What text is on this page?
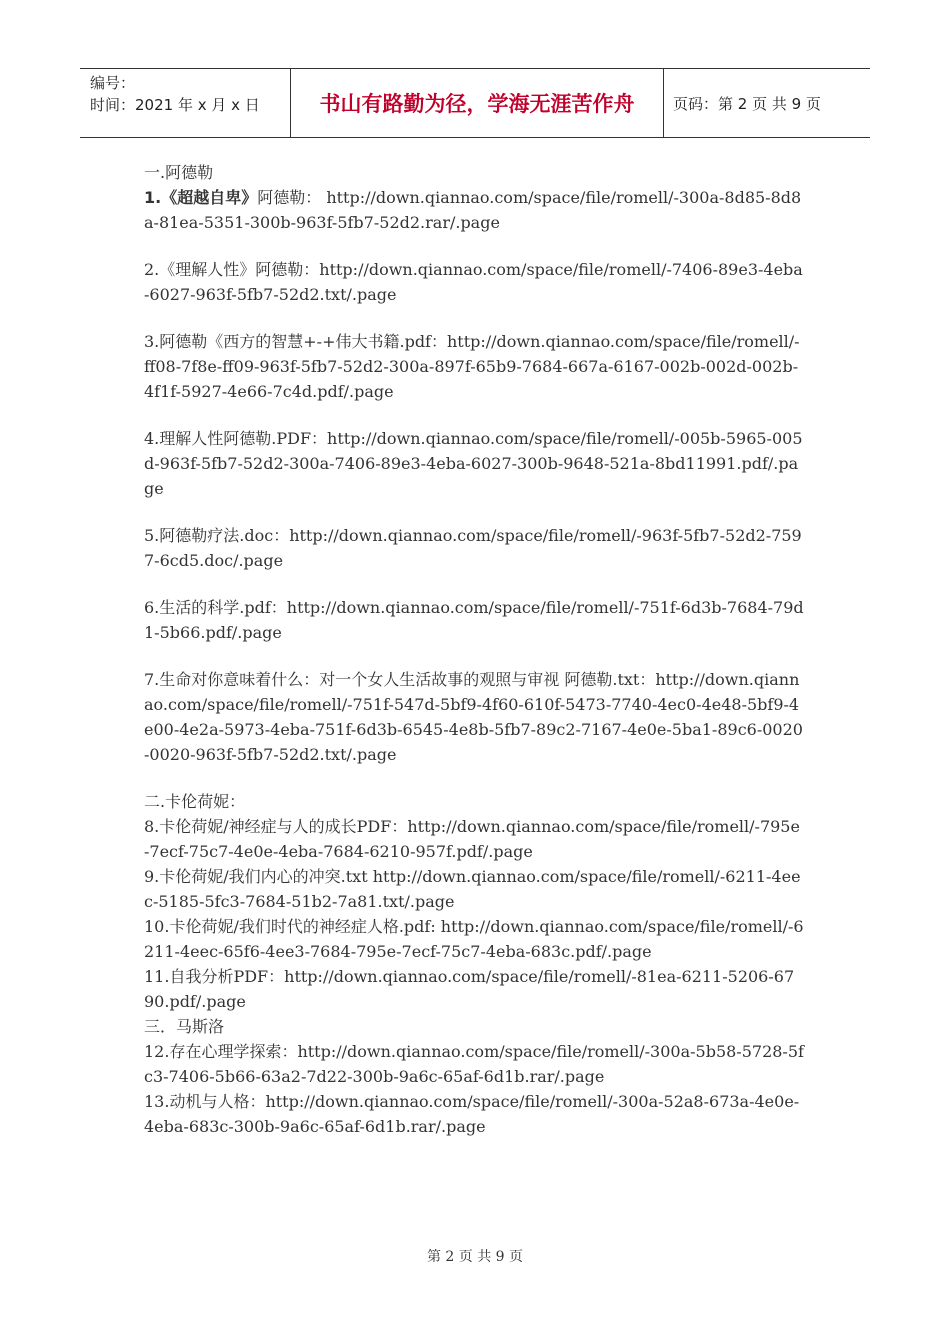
编号：
时间：2021 年 x 月 x 日	书山有路勤为径，学海无涯苦作舟	页码：第 2 页 共 9 页

一.阿德勒

1.《超越自卑》阿德勒： http://down.qiannao.com/space/file/romell/-300a-8d85-8d8a-81ea-5351-300b-963f-5fb7-52d2.rar/.page

2.《理解人性》阿德勒：http://down.qiannao.com/space/file/romell/-7406-89e3-4eba-6027-963f-5fb7-52d2.txt/.page

3.阿德勒《西方的智慧+-+伟大书籍.pdf：http://down.qiannao.com/space/file/romell/-ff08-7f8e-ff09-963f-5fb7-52d2-300a-897f-65b9-7684-667a-6167-002b-002d-002b-4f1f-5927-4e66-7c4d.pdf/.page

4.理解人性阿德勒.PDF：http://down.qiannao.com/space/file/romell/-005b-5965-005d-963f-5fb7-52d2-300a-7406-89e3-4eba-6027-300b-9648-521a-8bd11991.pdf/.page

5.阿德勒疗法.doc：http://down.qiannao.com/space/file/romell/-963f-5fb7-52d2-7597-6cd5.doc/.page

6.生活的科学.pdf：http://down.qiannao.com/space/file/romell/-751f-6d3b-7684-79d1-5b66.pdf/.page

7.生命对你意味着什么：对一个女人生活故事的观照与审视 阿德勒.txt：http://down.qiannao.com/space/file/romell/-751f-547d-5bf9-4f60-610f-5473-7740-4ec0-4e48-5bf9-4e00-4e2a-5973-4eba-751f-6d3b-6545-4e8b-5fb7-89c2-7167-4e0e-5ba1-89c6-0020-0020-963f-5fb7-52d2.txt/.page

二.卡伦荷妮：

8.卡伦荷妮/神经症与人的成长PDF：http://down.qiannao.com/space/file/romell/-795e-7ecf-75c7-4e0e-4eba-7684-6210-957f.pdf/.page

9.卡伦荷妮/我们内心的冲突.txt http://down.qiannao.com/space/file/romell/-6211-4eec-5185-5fc3-7684-51b2-7a81.txt/.page

10.卡伦荷妮/我们时代的神经症人格.pdf: http://down.qiannao.com/space/file/romell/-6211-4eec-65f6-4ee3-7684-795e-7ecf-75c7-4eba-683c.pdf/.page

11.自我分析PDF：http://down.qiannao.com/space/file/romell/-81ea-6211-5206-6790.pdf/.page

三．马斯洛

12.存在心理学探索：http://down.qiannao.com/space/file/romell/-300a-5b58-5728-5fc3-7406-5b66-63a2-7d22-300b-9a6c-65af-6d1b.rar/.page

13.动机与人格：http://down.qiannao.com/space/file/romell/-300a-52a8-673a-4e0e-4eba-683c-300b-9a6c-65af-6d1b.rar/.page

第 2 页 共 9 页
